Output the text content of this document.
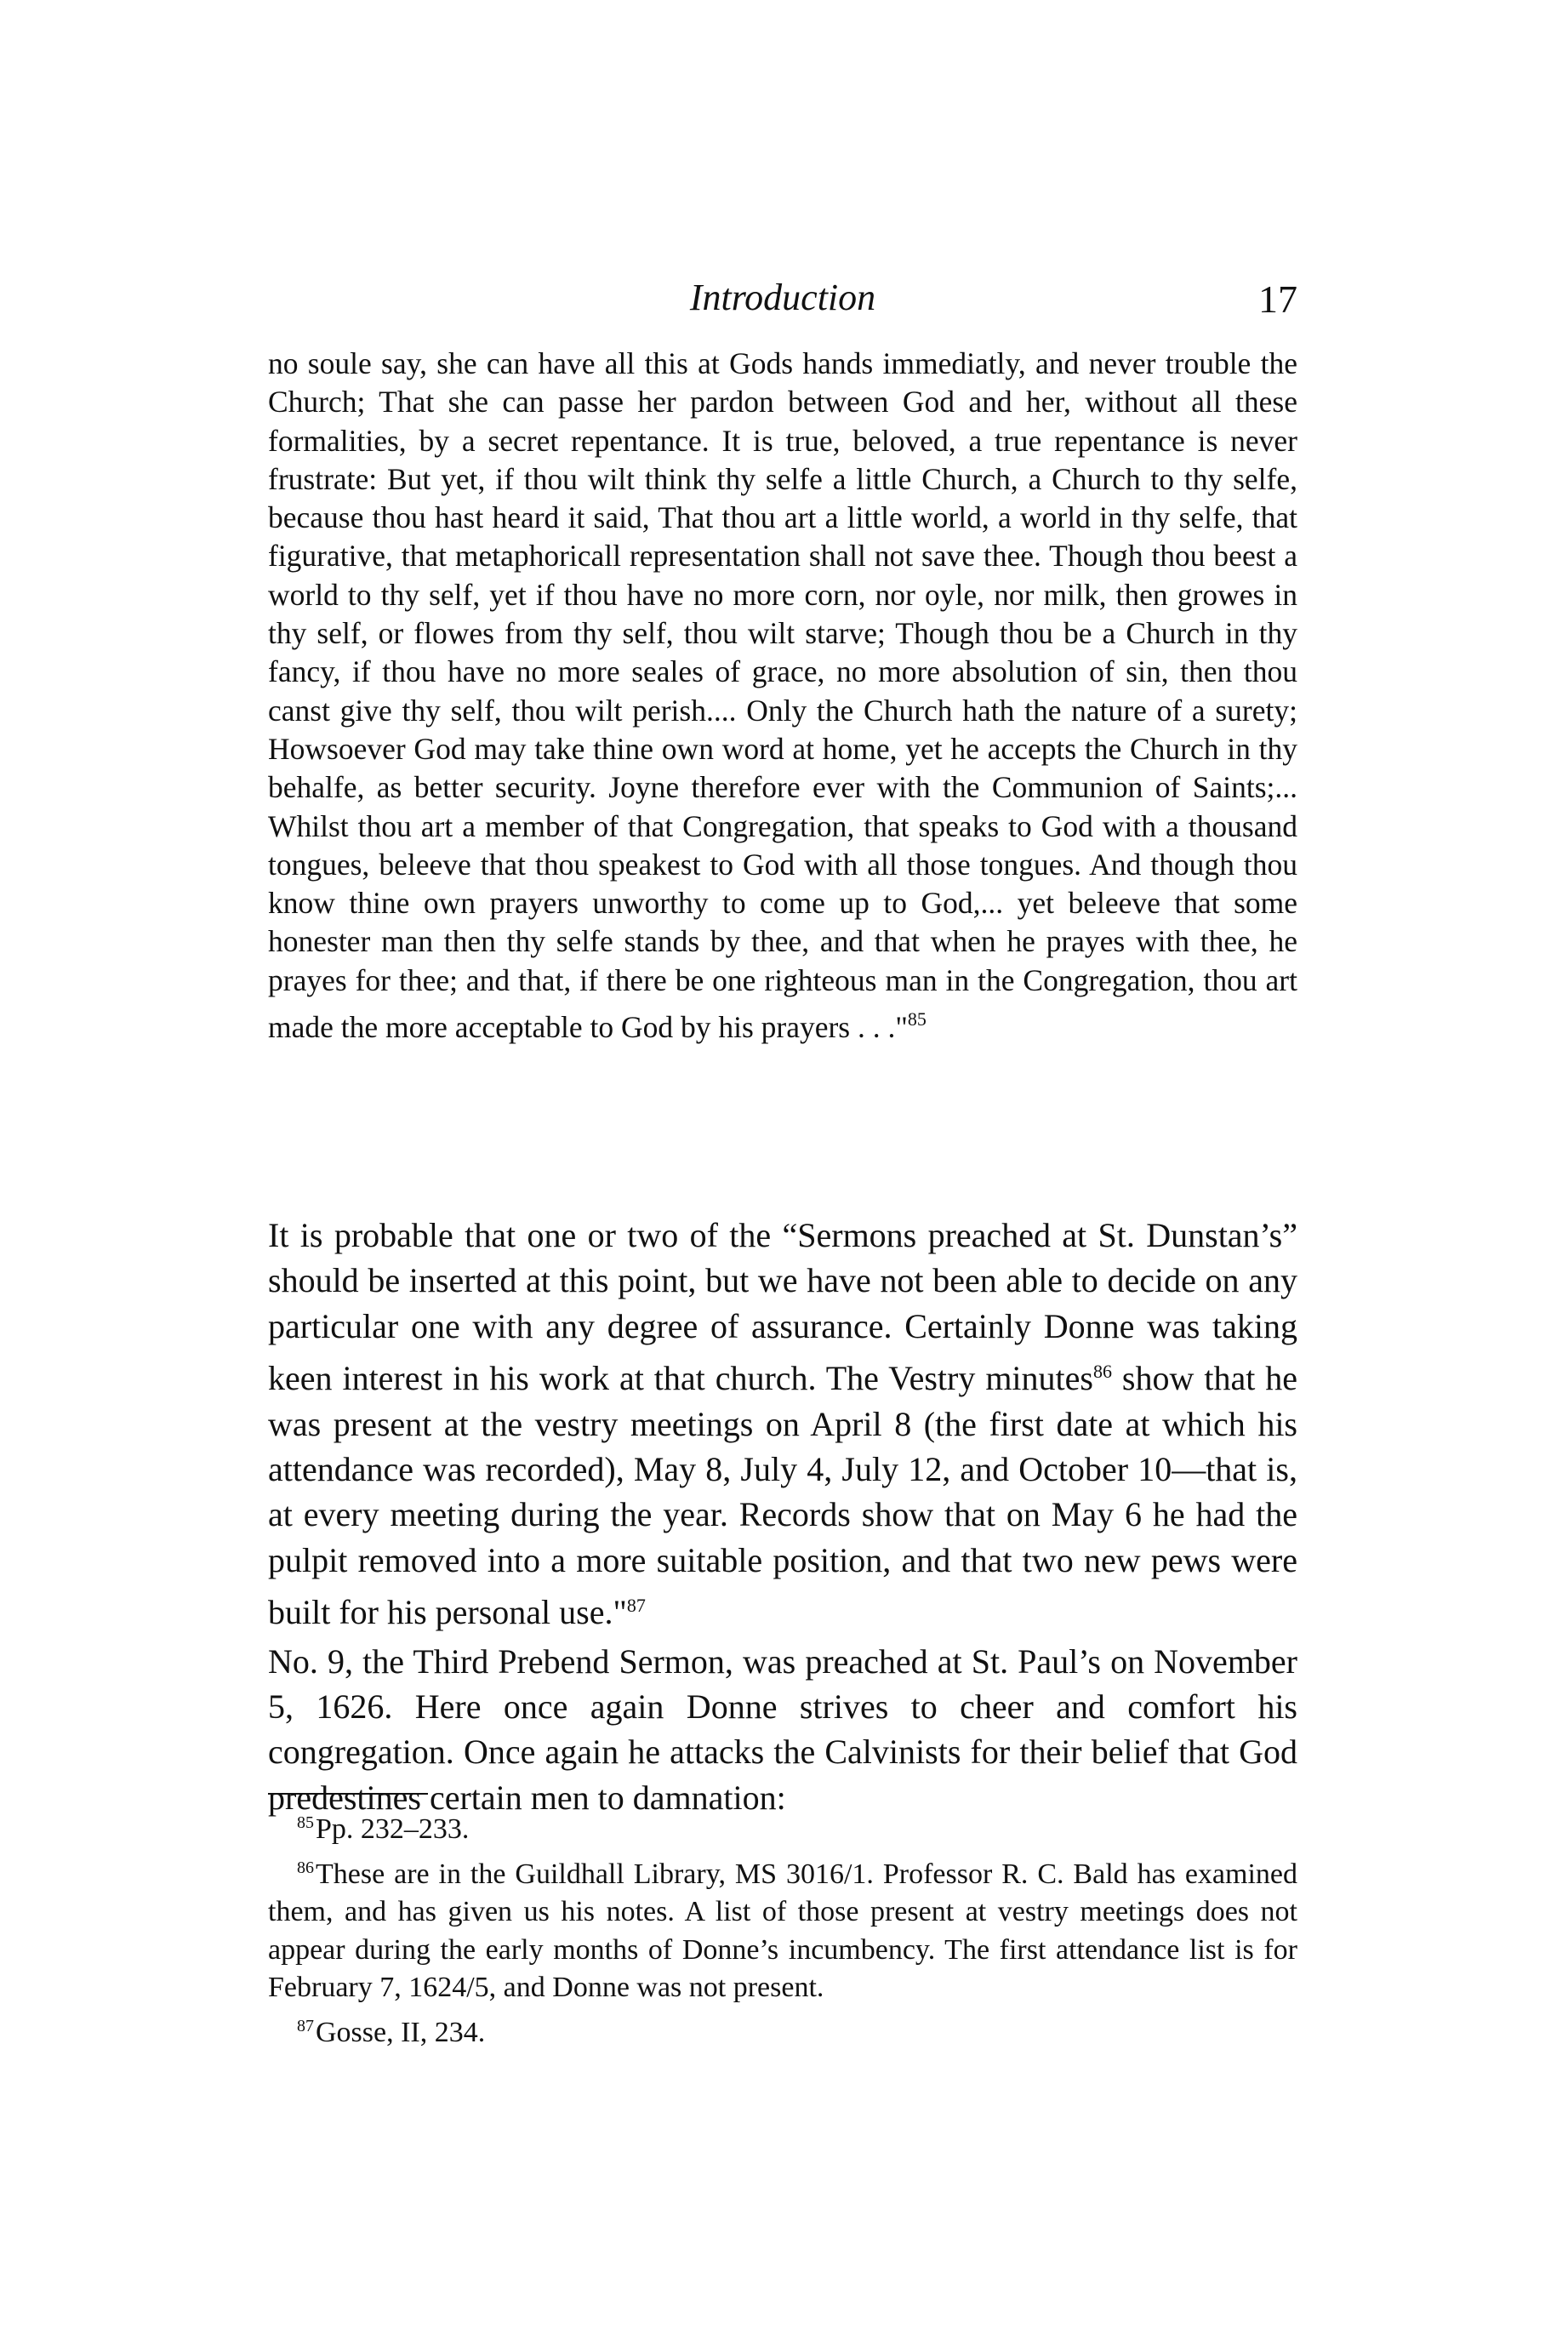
Introduction	17
no soule say, she can have all this at Gods hands immediatly, and never trouble the Church; That she can passe her pardon between God and her, without all these formalities, by a secret repentance. It is true, beloved, a true repentance is never frustrate: But yet, if thou wilt think thy selfe a little Church, a Church to thy selfe, because thou hast heard it said, That thou art a little world, a world in thy selfe, that figurative, that metaphoricall representation shall not save thee. Though thou beest a world to thy self, yet if thou have no more corn, nor oyle, nor milk, then growes in thy self, or flowes from thy self, thou wilt starve; Though thou be a Church in thy fancy, if thou have no more seales of grace, no more absolution of sin, then thou canst give thy self, thou wilt perish.... Only the Church hath the nature of a surety; Howsoever God may take thine own word at home, yet he accepts the Church in thy behalfe, as better security. Joyne therefore ever with the Communion of Saints;... Whilst thou art a member of that Congregation, that speaks to God with a thousand tongues, beleeve that thou speakest to God with all those tongues. And though thou know thine own prayers unworthy to come up to God,... yet beleeve that some honester man then thy selfe stands by thee, and that when he prayes with thee, he prayes for thee; and that, if there be one righteous man in the Congregation, thou art made the more acceptable to God by his prayers . . ."$^{85}$

It is probable that one or two of the “Sermons preached at St. Dunstan’s” should be inserted at this point, but we have not been able to decide on any particular one with any degree of assurance. Certainly Donne was taking keen interest in his work at that church. The Vestry minutes$^{86}$ show that he was present at the vestry meetings on April 8 (the first date at which his attendance was recorded), May 8, July 4, July 12, and October 10—that is, at every meeting during the year. Records show that on May 6 he had the pulpit removed into a more suitable position, and that two new pews were built for his personal use."$^{87}$

No. 9, the Third Prebend Sermon, was preached at St. Paul’s on November 5, 1626. Here once again Donne strives to cheer and comfort his congregation. Once again he attacks the Calvinists for their belief that God predestines certain men to damnation:

$^{85}$Pp. 232–233.

$^{86}$These are in the Guildhall Library, MS 3016/1. Professor R. C. Bald has examined them, and has given us his notes. A list of those present at vestry meetings does not appear during the early months of Donne’s incumbency. The first attendance list is for February 7, 1624/5, and Donne was not present.

$^{87}$Gosse, II, 234.
